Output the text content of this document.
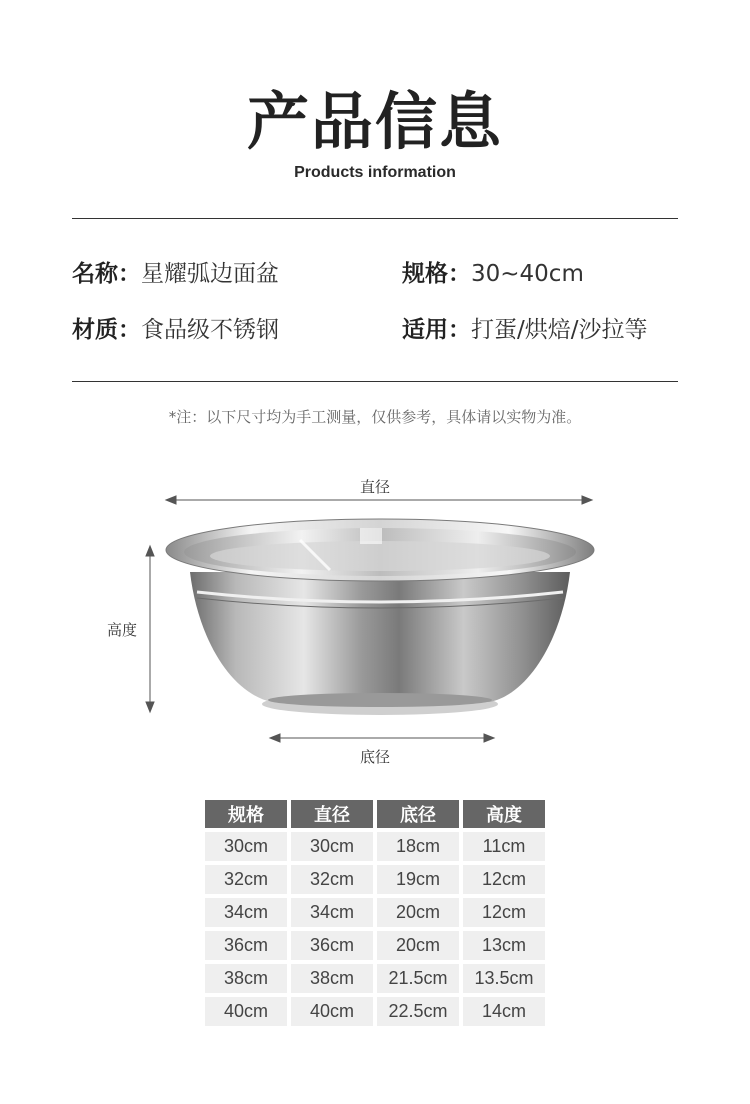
产品信息
Products information
名称：星耀弧边面盆	规格：30~40cm
材质：食品级不锈钢	适用：打蛋/烘焙/沙拉等
*注：以下尺寸均为手工测量，仅供参考，具体请以实物为准。
直径
高度
底径
规格	直径	底径	高度
30cm	30cm	18cm	11cm
32cm	32cm	19cm	12cm
34cm	34cm	20cm	12cm
36cm	36cm	20cm	13cm
38cm	38cm	21.5cm	13.5cm
40cm	40cm	22.5cm	14cm
